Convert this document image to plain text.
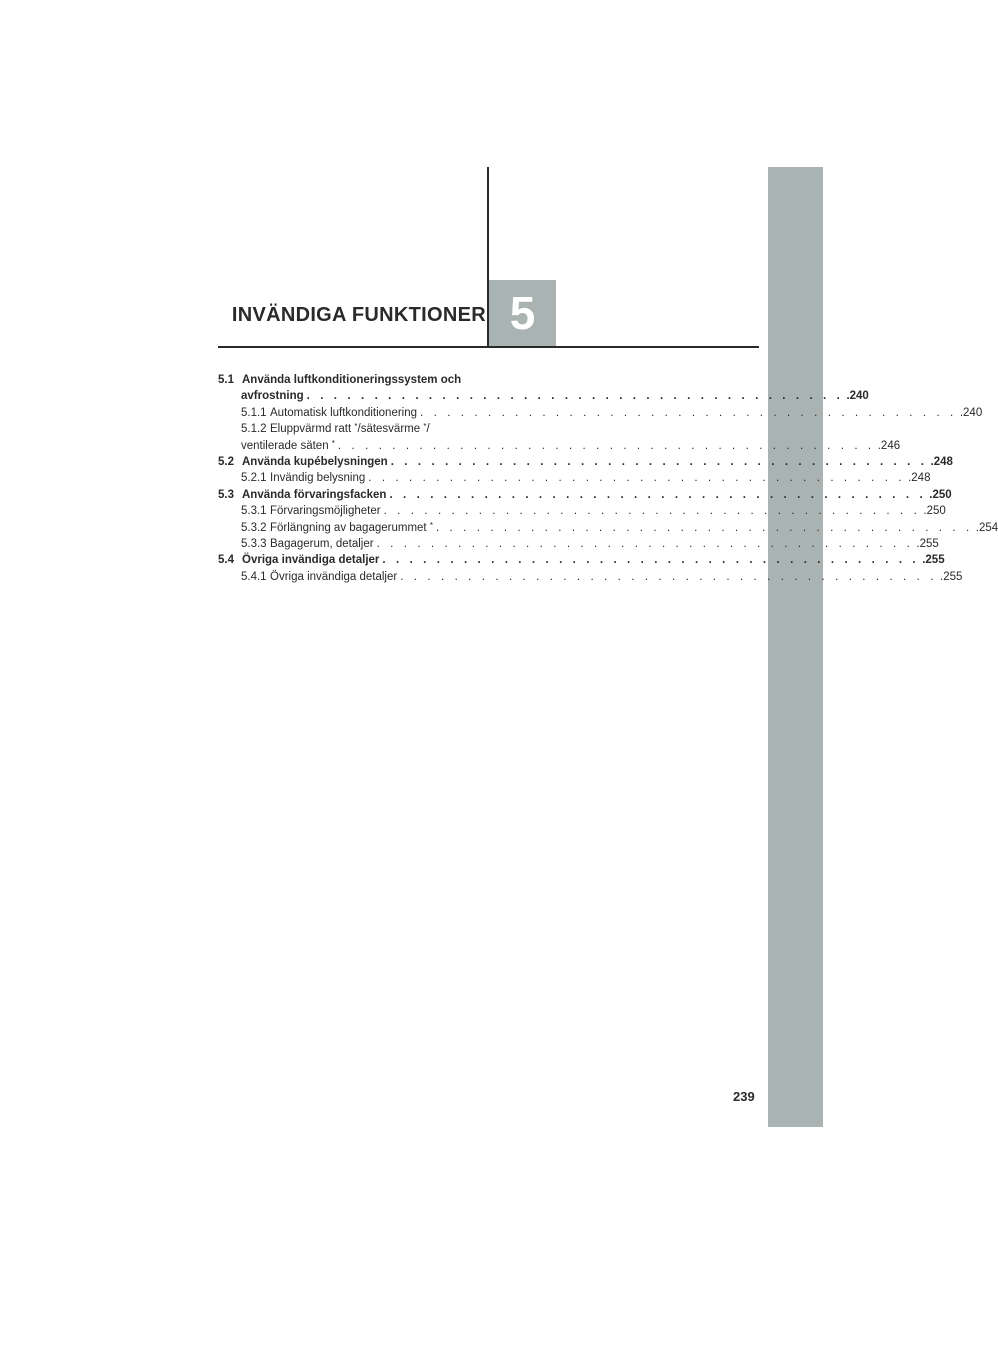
INVÄNDIGA FUNKTIONER 5
5.1 Använda luftkonditioneringssystem och
avfrostning . . . . . . . . . . . . . . . . . . . . . . . . . . . . . . . . . . . . . . . . .240
5.1.1 Automatisk luftkonditionering . . . . . . . . . . . . . . . . . . . . . . . . . . . . . . . . . . . . . . . . .240
5.1.2 Eluppvärmd ratt */sätesvärme */
ventilerade säten * . . . . . . . . . . . . . . . . . . . . . . . . . . . . . . . . . . . . . . . . .246
5.2 Använda kupébelysningen . . . . . . . . . . . . . . . . . . . . . . . . . . . . . . . . . . . . . . . . .248
5.2.1 Invändig belysning . . . . . . . . . . . . . . . . . . . . . . . . . . . . . . . . . . . . . . . . .248
5.3 Använda förvaringsfacken . . . . . . . . . . . . . . . . . . . . . . . . . . . . . . . . . . . . . . . . .250
5.3.1 Förvaringsmöjligheter . . . . . . . . . . . . . . . . . . . . . . . . . . . . . . . . . . . . . . . . .250
5.3.2 Förlängning av bagagerummet * . . . . . . . . . . . . . . . . . . . . . . . . . . . . . . . . . . . . . . . . .254
5.3.3 Bagagerum, detaljer . . . . . . . . . . . . . . . . . . . . . . . . . . . . . . . . . . . . . . . . .255
5.4 Övriga invändiga detaljer . . . . . . . . . . . . . . . . . . . . . . . . . . . . . . . . . . . . . . . . .255
5.4.1 Övriga invändiga detaljer . . . . . . . . . . . . . . . . . . . . . . . . . . . . . . . . . . . . . . . . .255
239
